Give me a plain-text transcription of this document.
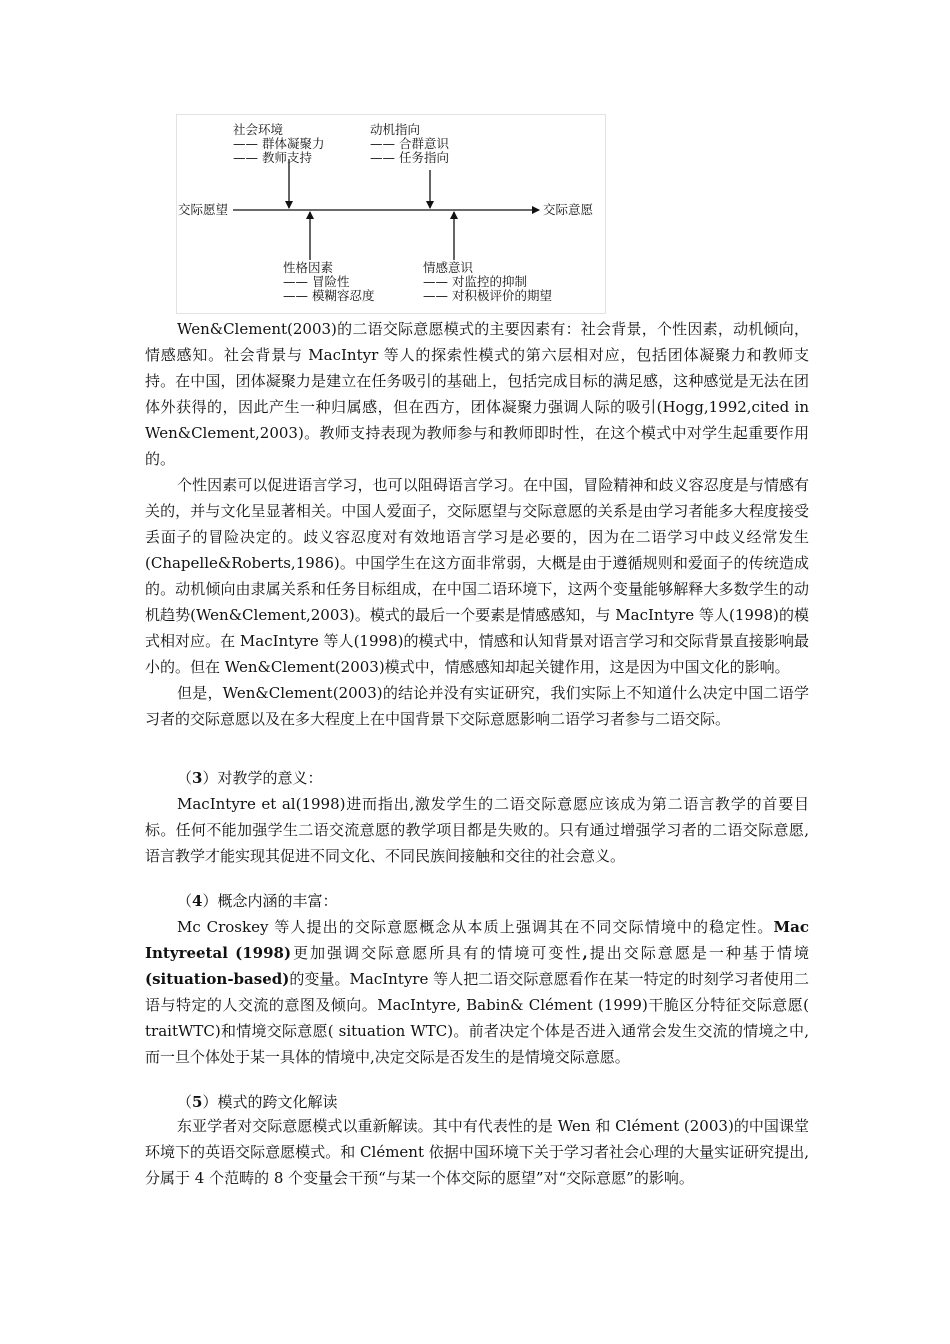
社会环境
—— 群体凝聚力
—— 教师支持
动机指向
—— 合群意识
—— 任务指向
交际愿望	交际意愿
性格因素
—— 冒险性
—— 模糊容忍度
情感意识
—— 对监控的抑制
—— 对积极评价的期望

Wen&Clement(2003)的二语交际意愿模式的主要因素有：社会背景，个性因素，动机倾向，情感感知。社会背景与 MacIntyr 等人的探索性模式的第六层相对应，包括团体凝聚力和教师支持。在中国，团体凝聚力是建立在任务吸引的基础上，包括完成目标的满足感，这种感觉是无法在团体外获得的，因此产生一种归属感，但在西方，团体凝聚力强调人际的吸引(Hogg,1992,cited in Wen&Clement,2003)。教师支持表现为教师参与和教师即时性，在这个模式中对学生起重要作用的。

个性因素可以促进语言学习，也可以阻碍语言学习。在中国，冒险精神和歧义容忍度是与情感有关的，并与文化呈显著相关。中国人爱面子，交际愿望与交际意愿的关系是由学习者能多大程度接受丢面子的冒险决定的。歧义容忍度对有效地语言学习是必要的，因为在二语学习中歧义经常发生(Chapelle&Roberts,1986)。中国学生在这方面非常弱，大概是由于遵循规则和爱面子的传统造成的。动机倾向由隶属关系和任务目标组成，在中国二语环境下，这两个变量能够解释大多数学生的动机趋势(Wen&Clement,2003)。模式的最后一个要素是情感感知，与 MacIntyre 等人(1998)的模式相对应。在 MacIntyre 等人(1998)的模式中，情感和认知背景对语言学习和交际背景直接影响最小的。但在 Wen&Clement(2003)模式中，情感感知却起关键作用，这是因为中国文化的影响。

但是，Wen&Clement(2003)的结论并没有实证研究，我们实际上不知道什么决定中国二语学习者的交际意愿以及在多大程度上在中国背景下交际意愿影响二语学习者参与二语交际。

（3）对教学的意义：

MacIntyre et al(1998)进而指出,激发学生的二语交际意愿应该成为第二语言教学的首要目标。任何不能加强学生二语交流意愿的教学项目都是失败的。只有通过增强学习者的二语交际意愿,语言教学才能实现其促进不同文化、不同民族间接触和交往的社会意义。

（4）概念内涵的丰富：

Mc Croskey 等人提出的交际意愿概念从本质上强调其在不同交际情境中的稳定性。Mac Intyreetal (1998)更加强调交际意愿所具有的情境可变性,提出交际意愿是一种基于情境(situation-based)的变量。MacIntyre 等人把二语交际意愿看作在某一特定的时刻学习者使用二语与特定的人交流的意图及倾向。MacIntyre, Babin& Clément (1999)干脆区分特征交际意愿( traitWTC)和情境交际意愿( situation WTC)。前者决定个体是否进入通常会发生交流的情境之中,而一旦个体处于某一具体的情境中,决定交际是否发生的是情境交际意愿。

（5）模式的跨文化解读

东亚学者对交际意愿模式以重新解读。其中有代表性的是 Wen 和 Clément (2003)的中国课堂环境下的英语交际意愿模式。和 Clément 依据中国环境下关于学习者社会心理的大量实证研究提出,分属于 4 个范畴的 8 个变量会干预“与某一个体交际的愿望”对“交际意愿”的影响。
